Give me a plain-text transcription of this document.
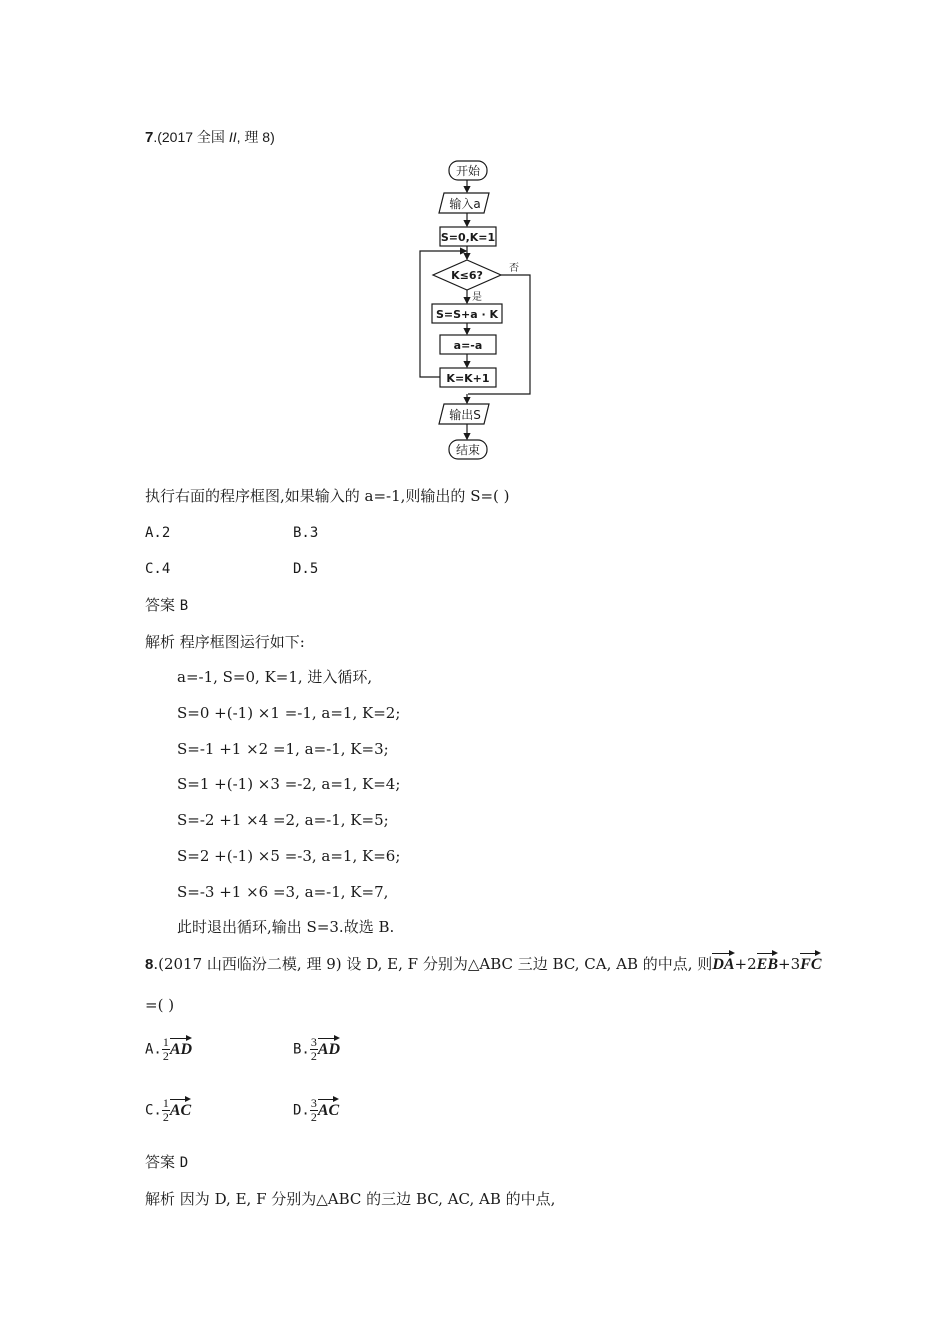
7.(2017 全国 II, 理 8)
开始
输入a
S=0,K=1
K≤6?
否
是
S=S+a · K
a=-a
K=K+1
输出S
结束
执行右面的程序框图,如果输入的 a=-1,则输出的 S=( )
A.2	B.3
C.4	D.5
答案 B
解析 程序框图运行如下:
a=-1, S=0, K=1, 进入循环,
S=0 +(-1) ×1 =-1, a=1, K=2;
S=-1 +1 ×2 =1, a=-1, K=3;
S=1 +(-1) ×3 =-2, a=1, K=4;
S=-2 +1 ×4 =2, a=-1, K=5;
S=2 +(-1) ×5 =-3, a=1, K=6;
S=-3 +1 ×6 =3, a=-1, K=7,
此时退出循环,输出 S=3.故选 B.
8.(2017 山西临汾二模, 理 9) 设 D, E, F 分别为△ABC 三边 BC, CA, AB 的中点, 则DA+2EB+3FC
=( )
A. $\frac{1}{2}$ AD	B. $\frac{3}{2}$ AD
C. $\frac{1}{2}$ AC	D. $\frac{3}{2}$ AC
答案 D
解析 因为 D, E, F 分别为△ABC 的三边 BC, AC, AB 的中点,
